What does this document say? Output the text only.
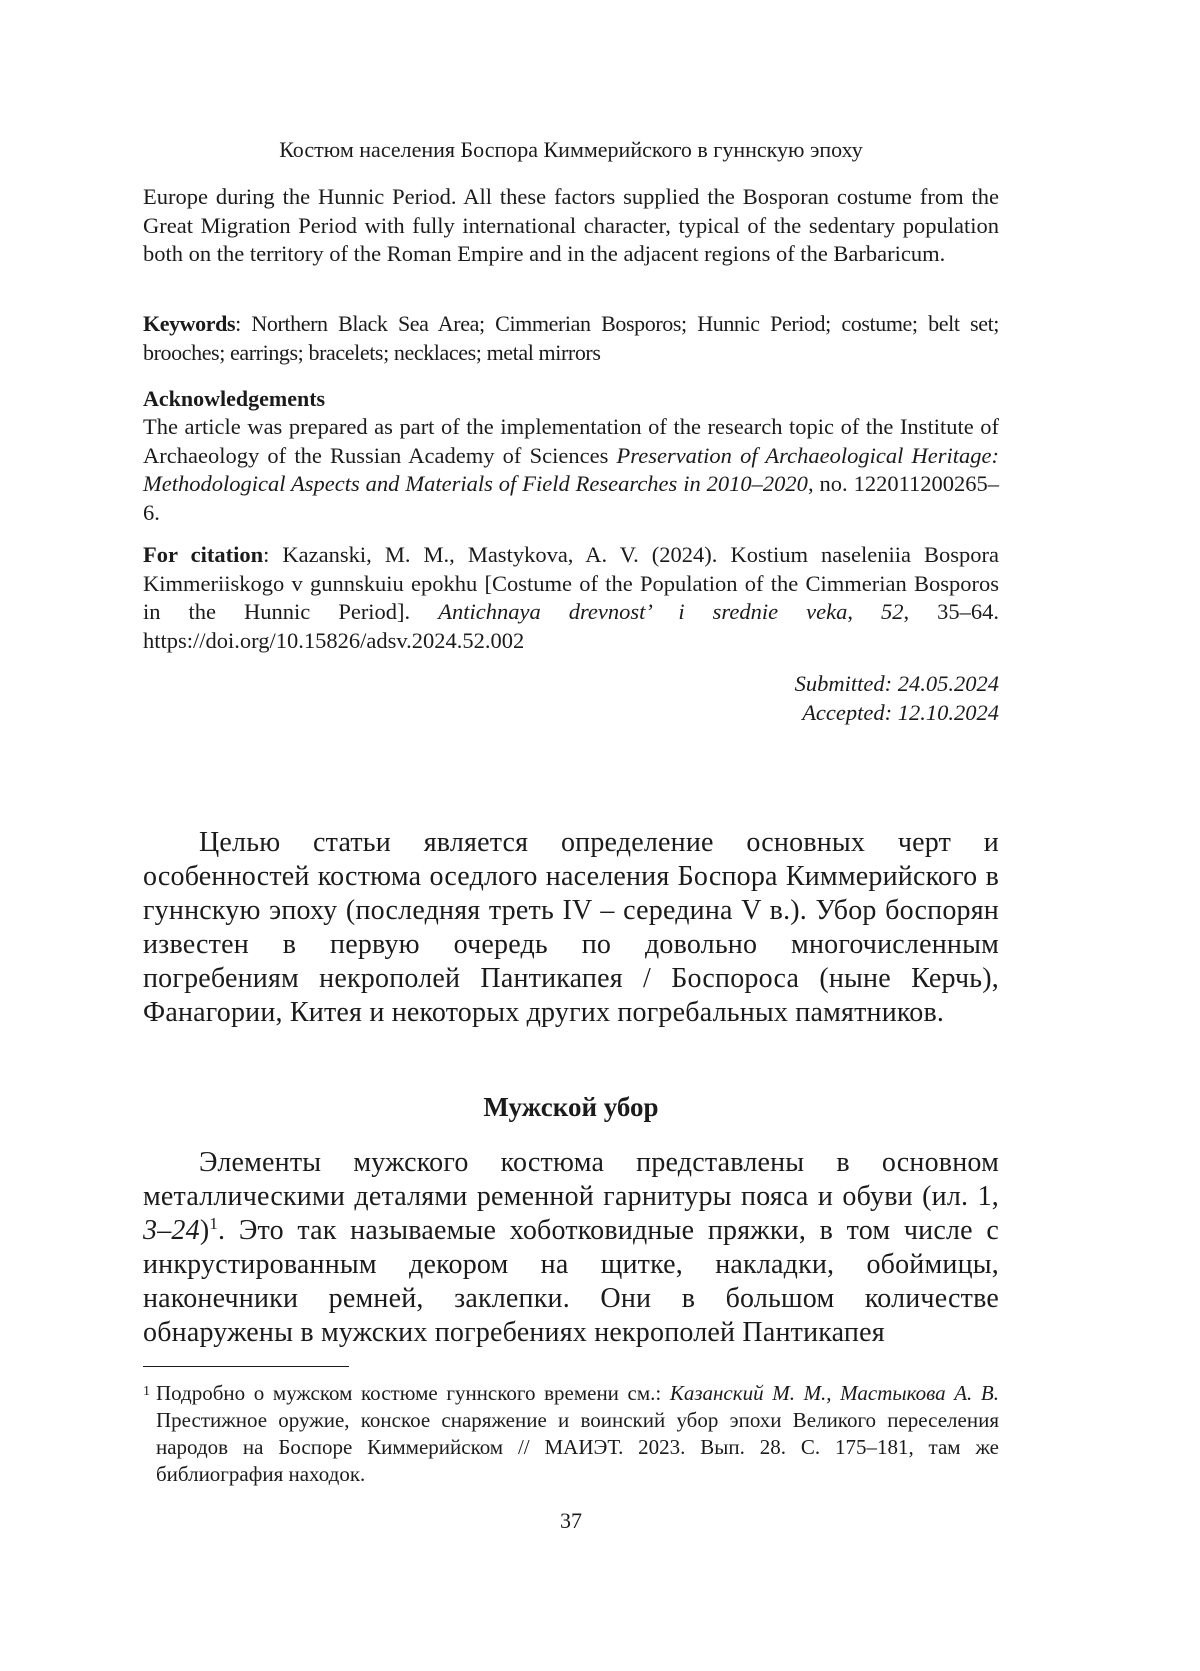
Костюм населения Боспора Киммерийского в гуннскую эпоху

Europe during the Hunnic Period. All these factors supplied the Bosporan costume from the Great Migration Period with fully international character, typical of the sedentary population both on the territory of the Roman Empire and in the adjacent regions of the Barbaricum.

Keywords: Northern Black Sea Area; Cimmerian Bosporos; Hunnic Period; costume; belt set; brooches; earrings; bracelets; necklaces; metal mirrors

Acknowledgements

The article was prepared as part of the implementation of the research topic of the Institute of Archaeology of the Russian Academy of Sciences Preservation of Archaeological Heritage: Methodological Aspects and Materials of Field Researches in 2010–2020, no. 122011200265–6.

For citation: Kazanski, M. M., Mastykova, A. V. (2024). Kostium naseleniia Bospora Kimmeriiskogo v gunnskuiu epokhu [Costume of the Population of the Cimmerian Bosporos in the Hunnic Period]. Antichnaya drevnost’ i srednie veka, 52, 35–64. https://doi.org/10.15826/adsv.2024.52.002

Submitted: 24.05.2024
Accepted: 12.10.2024

Целью статьи является определение основных черт и особенностей костюма оседлого населения Боспора Киммерийского в гуннскую эпоху (последняя треть IV – середина V в.). Убор боспорян известен в первую очередь по довольно многочисленным погребениям некрополей Пантикапея / Боспороса (ныне Керчь), Фанагории, Китея и некоторых других погребальных памятников.

Мужской убор

Элементы мужского костюма представлены в основном металлическими деталями ременной гарнитуры пояса и обуви (ил. 1, 3–24)$^1$. Это так называемые хоботковидные пряжки, в том числе с инкрустированным декором на щитке, накладки, обоймицы, наконечники ремней, заклепки. Они в большом количестве обнаружены в мужских погребениях некрополей Пантикапея

1 Подробно о мужском костюме гуннского времени см.: Казанский М. М., Мастыкова А. В. Престижное оружие, конское снаряжение и воинский убор эпохи Великого переселения народов на Боспоре Киммерийском // МАИЭТ. 2023. Вып. 28. С. 175–181, там же библиография находок.

37
